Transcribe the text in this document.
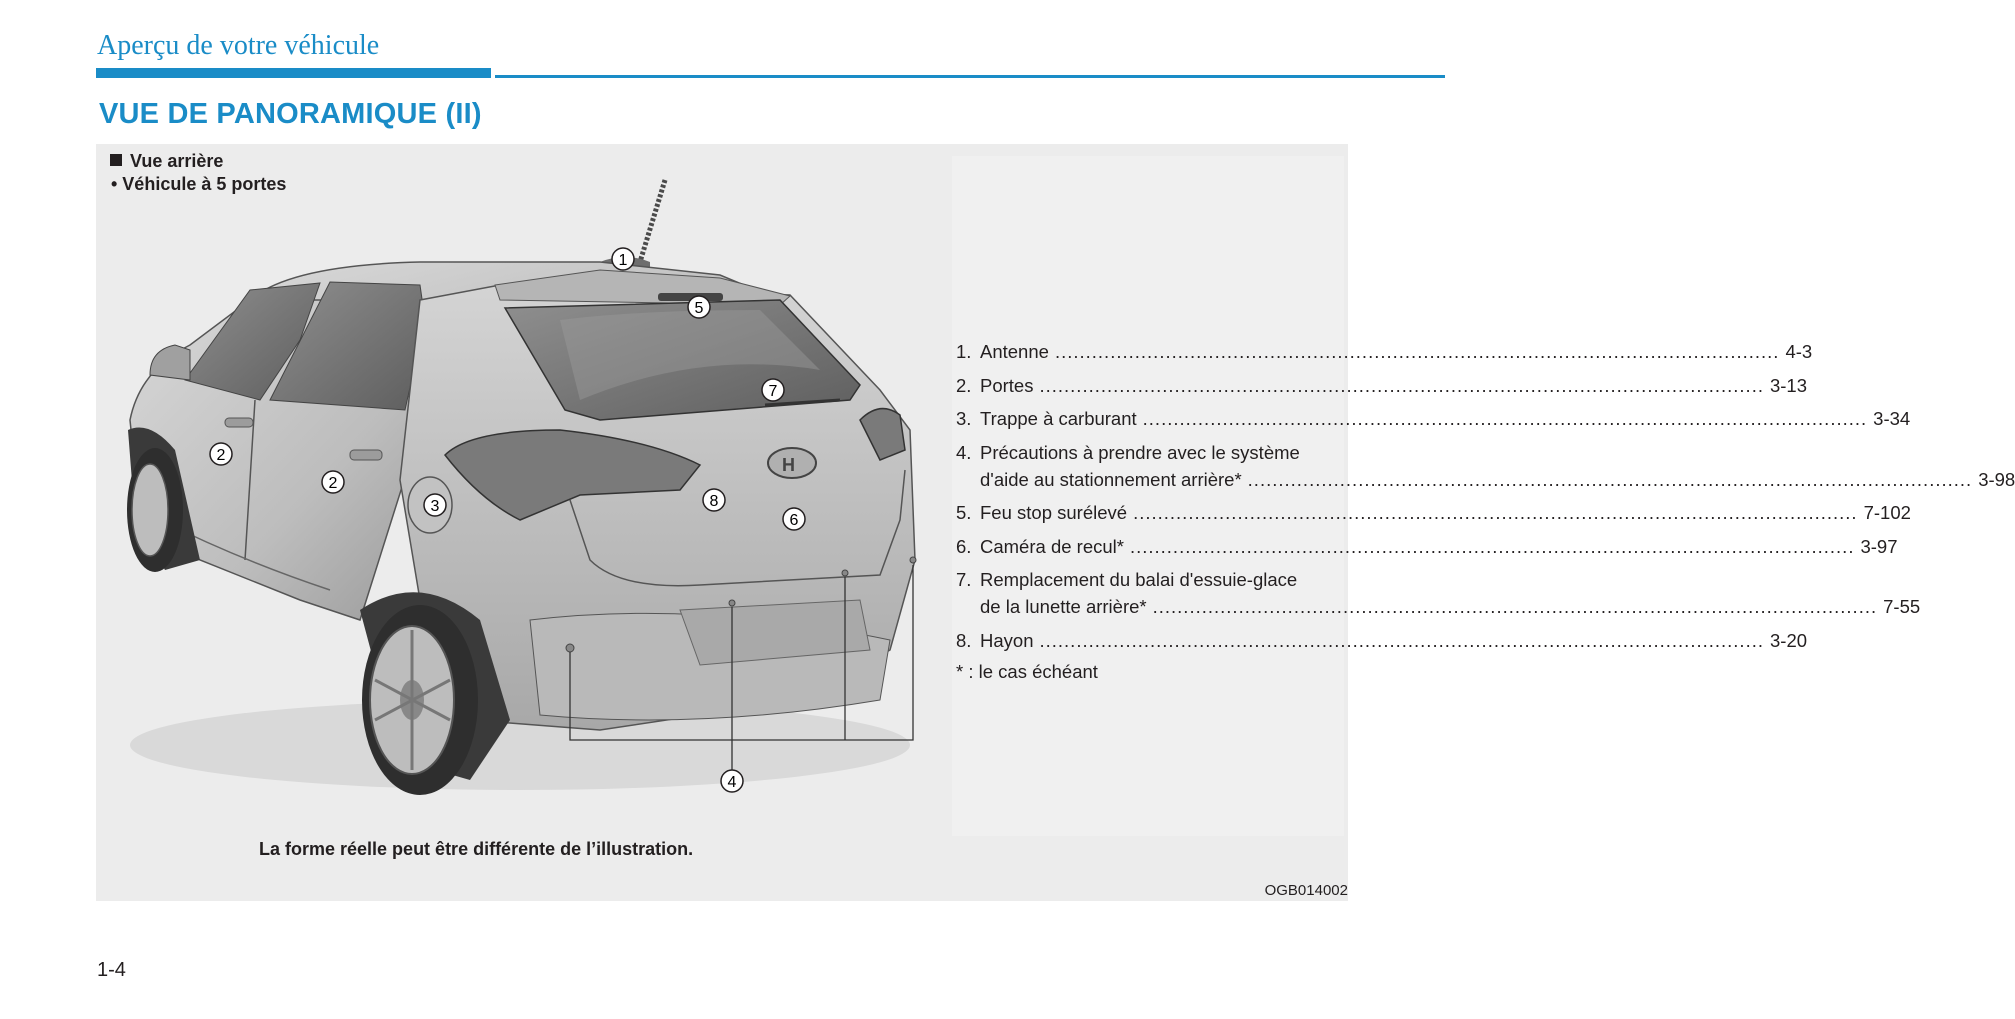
Aperçu de votre véhicule
VUE DE PANORAMIQUE (II)
Vue arrière
• Véhicule à 5 portes
H
1
2
2
3
4
5
6
7
8
1. Antenne .....	4-3
2. Portes .....	3-13
3. Trappe à carburant .....	3-34
4. Précautions à prendre avec le système
d'aide au stationnement arrière* .....	3-98
5. Feu stop surélevé .....	7-102
6. Caméra de recul* .....	3-97
7. Remplacement du balai d'essuie-glace
de la lunette arrière* .....	7-55
8. Hayon .....	3-20
* : le cas échéant
La forme réelle peut être différente de l’illustration.
OGB014002
1-4
